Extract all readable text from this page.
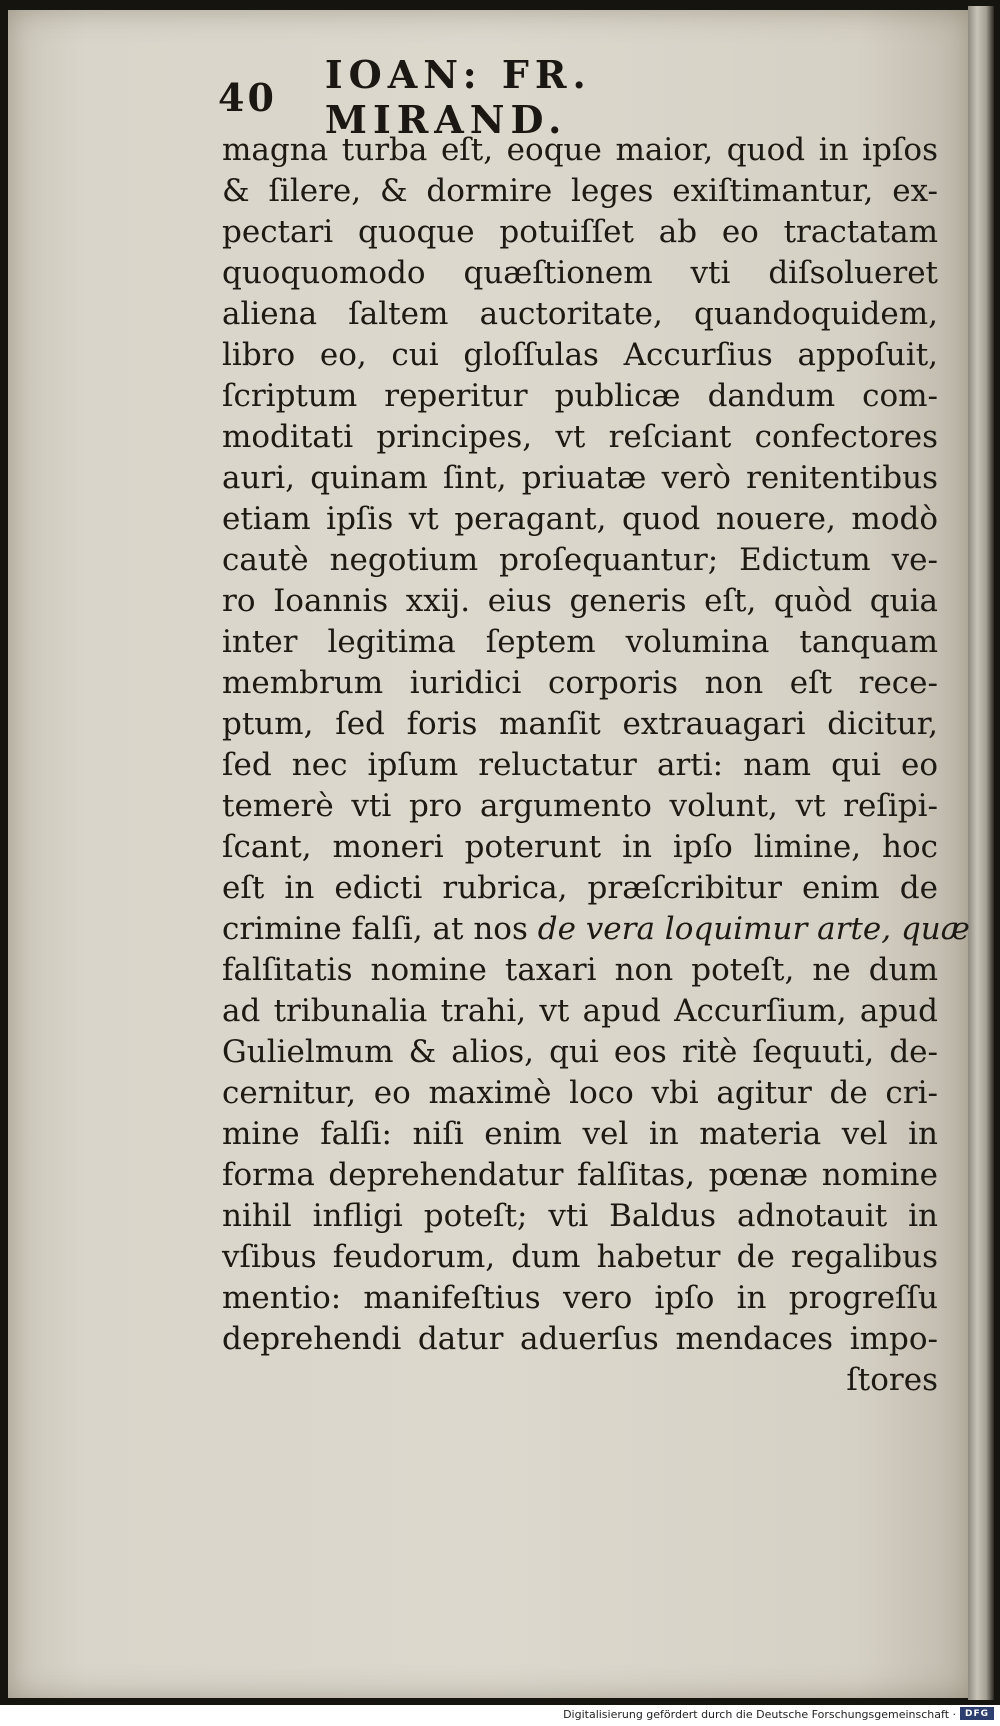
40 IOAN: FR. MIRAND.
magna turba eſt, eoque maior, quod in ipſos
& ſilere, & dormire leges exiſtimantur, ex-
pectari quoque potuiſſet ab eo tractatam
quoquomodo quæſtionem vti diſsolueret
aliena ſaltem auctoritate, quandoquidem,
libro eo, cui gloſſulas Accurſius appoſuit,
ſcriptum reperitur publicæ dandum com-
moditati principes, vt reſciant confectores
auri, quinam ſint, priuatæ verò renitentibus
etiam ipſis vt peragant, quod nouere, modò
cautè negotium proſequantur; Edictum ve-
ro Ioannis xxij. eius generis eſt, quòd quia
inter legitima ſeptem volumina tanquam
membrum iuridici corporis non eſt rece-
ptum, ſed foris manſit extrauagari dicitur,
ſed nec ipſum reluctatur arti: nam qui eo
temerè vti pro argumento volunt, vt reſipi-
ſcant, moneri poterunt in ipſo limine, hoc
eſt in edicti rubrica, præſcribitur enim de
crimine falſi, at nos de vera loquimur arte, quæ
falſitatis nomine taxari non poteſt, ne dum
ad tribunalia trahi, vt apud Accurſium, apud
Gulielmum & alios, qui eos ritè ſequuti, de-
cernitur, eo maximè loco vbi agitur de cri-
mine falſi: niſi enim vel in materia vel in
forma deprehendatur falſitas, pœnæ nomine
nihil infligi poteſt; vti Baldus adnotauit in
vſibus feudorum, dum habetur de regalibus
mentio: manifeſtius vero ipſo in progreſſu
deprehendi datur aduerſus mendaces impo-
ſtores
Digitalisierung gefördert durch die Deutsche Forschungsgemeinschaft · DFG
